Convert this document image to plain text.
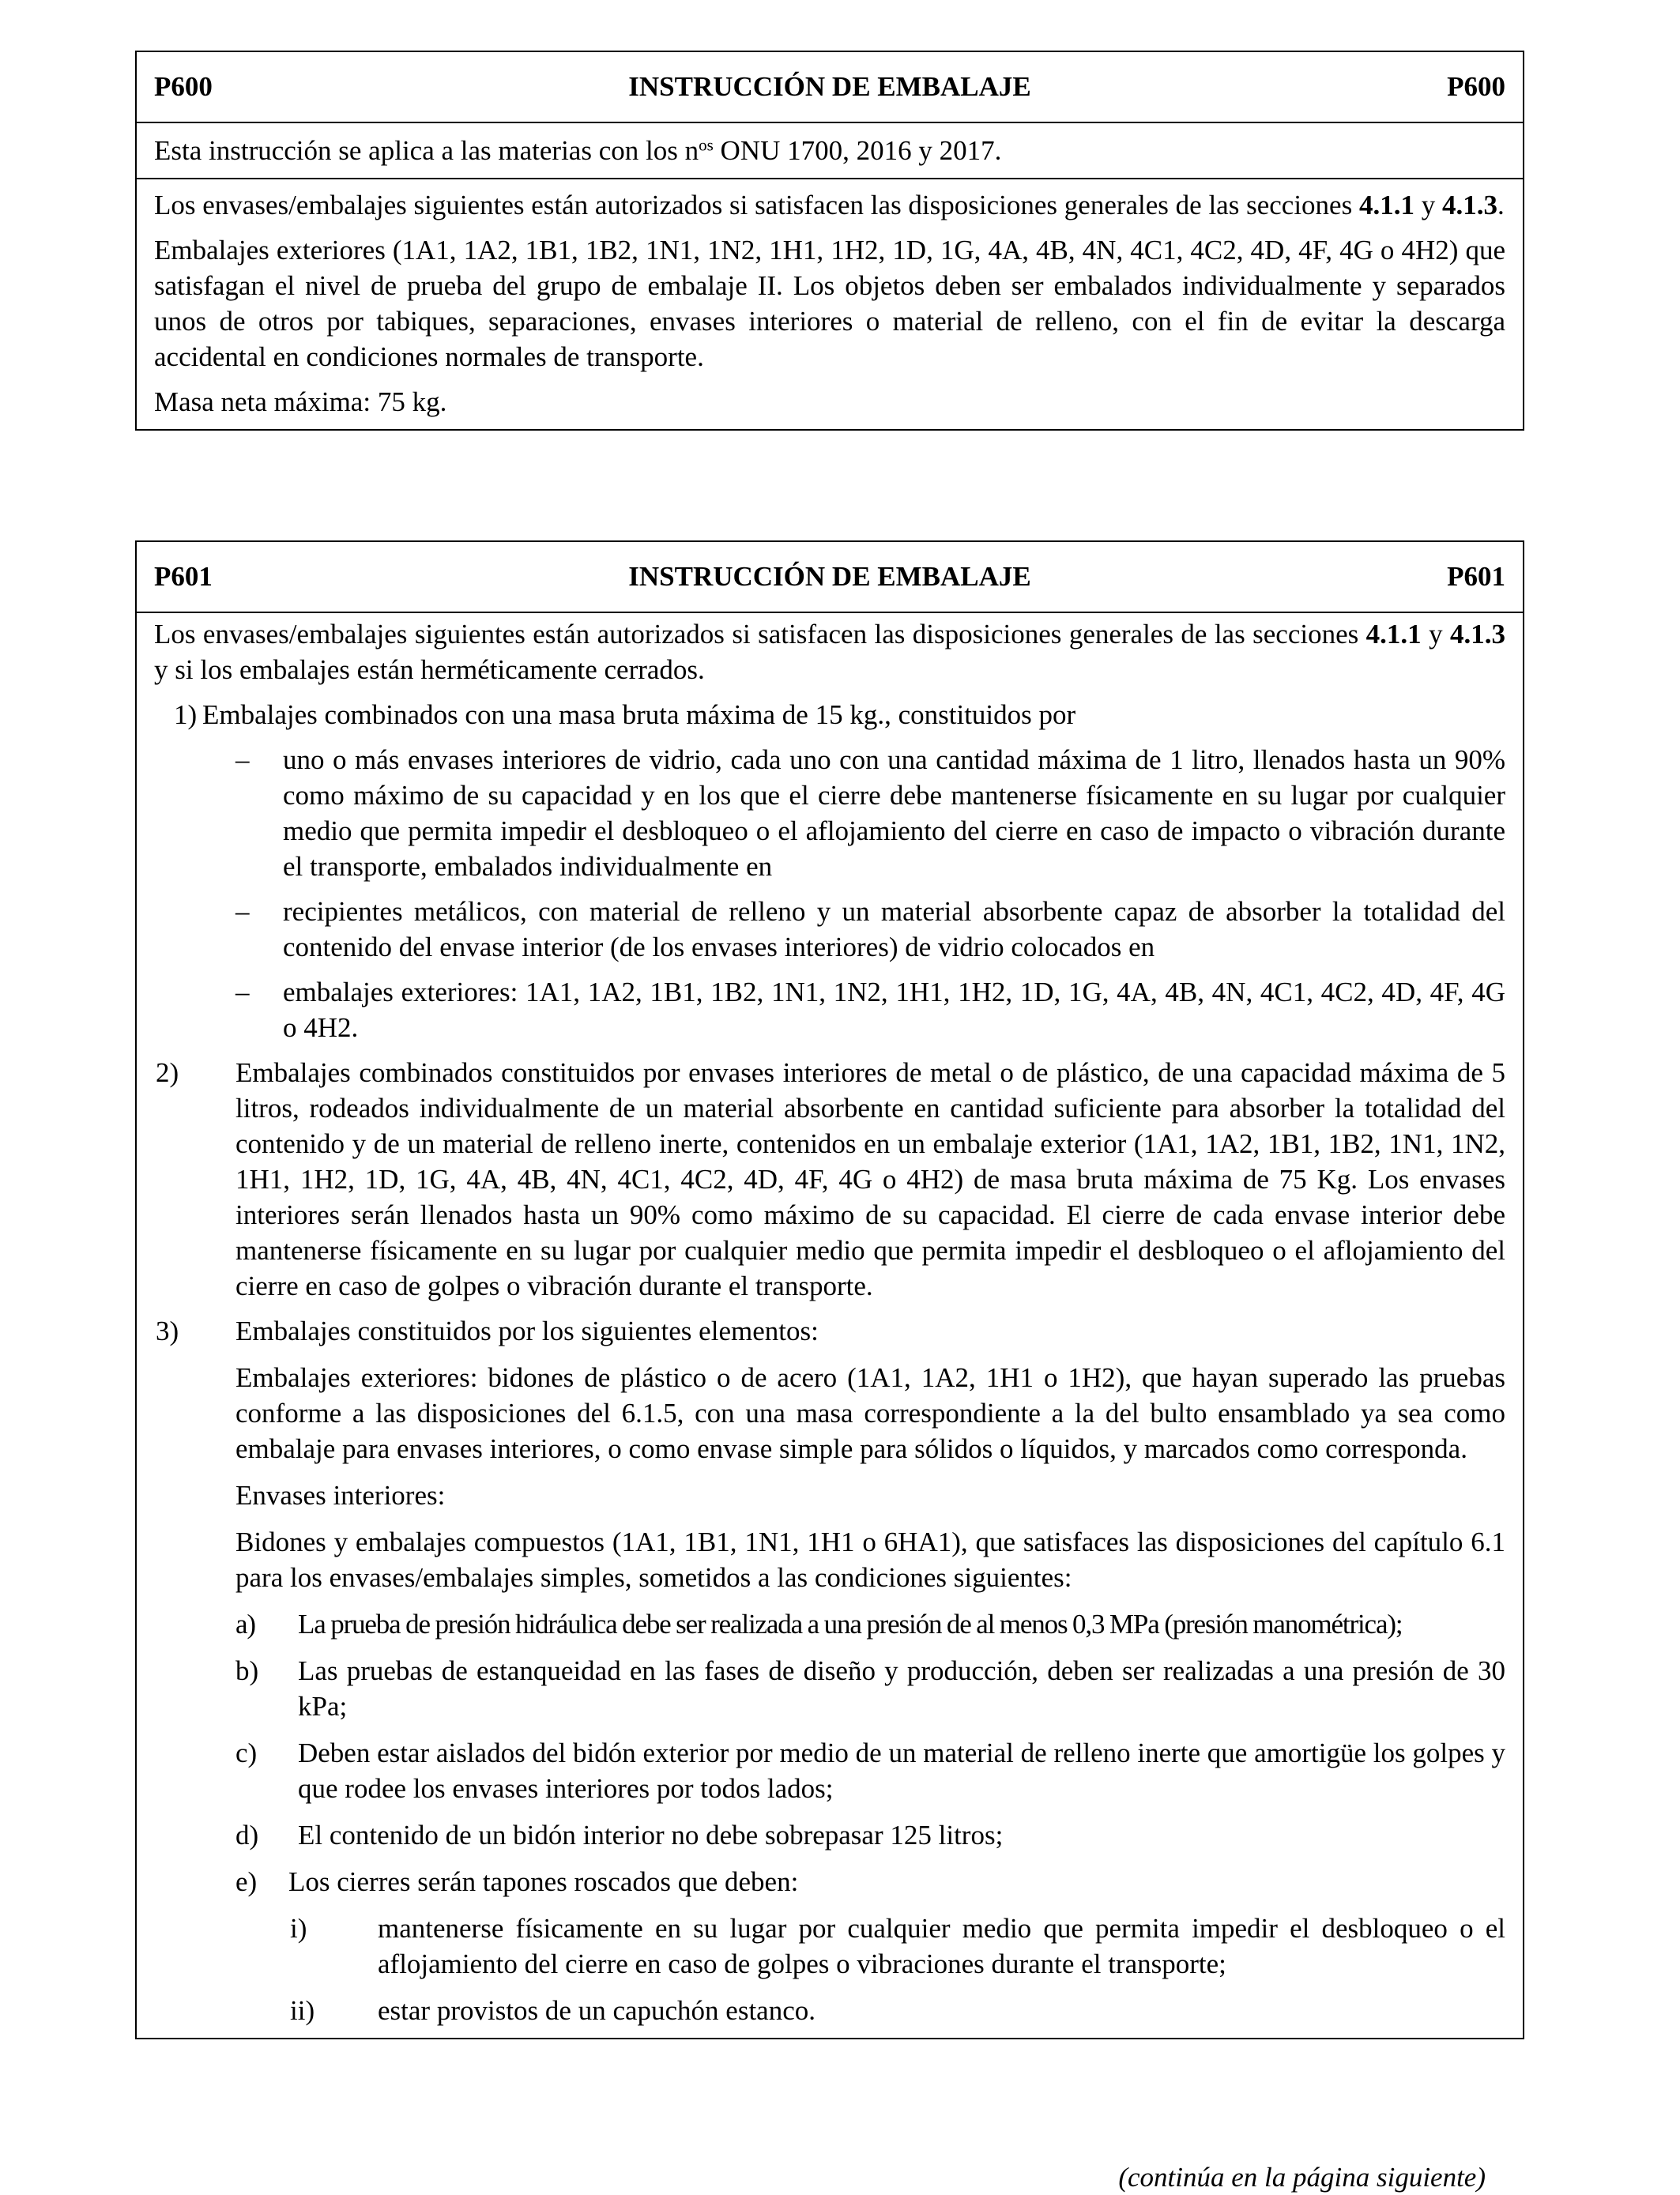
P600	INSTRUCCIÓN DE EMBALAJE	P600

Esta instrucción se aplica a las materias con los $n^{os}$ ONU 1700, 2016 y 2017.

Los envases/embalajes siguientes están autorizados si satisfacen las disposiciones generales de las secciones 4.1.1 y 4.1.3.

Embalajes exteriores (1A1, 1A2, 1B1, 1B2, 1N1, 1N2, 1H1, 1H2, 1D, 1G, 4A, 4B, 4N, 4C1, 4C2, 4D, 4F, 4G o 4H2) que satisfagan el nivel de prueba del grupo de embalaje II. Los objetos deben ser embalados individualmente y separados unos de otros por tabiques, separaciones, envases interiores o material de relleno, con el fin de evitar la descarga accidental en condiciones normales de transporte.

Masa neta máxima: 75 kg.

P601	INSTRUCCIÓN DE EMBALAJE	P601

Los envases/embalajes siguientes están autorizados si satisfacen las disposiciones generales de las secciones 4.1.1 y 4.1.3 y si los embalajes están herméticamente cerrados.

1) Embalajes combinados con una masa bruta máxima de 15 kg., constituidos por

– uno o más envases interiores de vidrio, cada uno con una cantidad máxima de 1 litro, llenados hasta un 90% como máximo de su capacidad y en los que el cierre debe mantenerse físicamente en su lugar por cualquier medio que permita impedir el desbloqueo o el aflojamiento del cierre en caso de impacto o vibración durante el transporte, embalados individualmente en

– recipientes metálicos, con material de relleno y un material absorbente capaz de absorber la totalidad del contenido del envase interior (de los envases interiores) de vidrio colocados en

– embalajes exteriores: 1A1, 1A2, 1B1, 1B2, 1N1, 1N2, 1H1, 1H2, 1D, 1G, 4A, 4B, 4N, 4C1, 4C2, 4D, 4F, 4G o 4H2.

2) Embalajes combinados constituidos por envases interiores de metal o de plástico, de una capacidad máxima de 5 litros, rodeados individualmente de un material absorbente en cantidad suficiente para absorber la totalidad del contenido y de un material de relleno inerte, contenidos en un embalaje exterior (1A1, 1A2, 1B1, 1B2, 1N1, 1N2, 1H1, 1H2, 1D, 1G, 4A, 4B, 4N, 4C1, 4C2, 4D, 4F, 4G o 4H2) de masa bruta máxima de 75 Kg. Los envases interiores serán llenados hasta un 90% como máximo de su capacidad. El cierre de cada envase interior debe mantenerse físicamente en su lugar por cualquier medio que permita impedir el desbloqueo o el aflojamiento del cierre en caso de golpes o vibración durante el transporte.

3) Embalajes constituidos por los siguientes elementos:

Embalajes exteriores: bidones de plástico o de acero (1A1, 1A2, 1H1 o 1H2), que hayan superado las pruebas conforme a las disposiciones del 6.1.5, con una masa correspondiente a la del bulto ensamblado ya sea como embalaje para envases interiores, o como envase simple para sólidos o líquidos, y marcados como corresponda.

Envases interiores:

Bidones y embalajes compuestos (1A1, 1B1, 1N1, 1H1 o 6HA1), que satisfaces las disposiciones del capítulo 6.1 para los envases/embalajes simples, sometidos a las condiciones siguientes:

a) La prueba de presión hidráulica debe ser realizada a una presión de al menos 0,3 MPa (presión manométrica);

b) Las pruebas de estanqueidad en las fases de diseño y producción, deben ser realizadas a una presión de 30 kPa;

c) Deben estar aislados del bidón exterior por medio de un material de relleno inerte que amortigüe los golpes y que rodee los envases interiores por todos lados;

d) El contenido de un bidón interior no debe sobrepasar 125 litros;

e) Los cierres serán tapones roscados que deben:

i)	mantenerse físicamente en su lugar por cualquier medio que permita impedir el desbloqueo o el aflojamiento del cierre en caso de golpes o vibraciones durante el transporte;

ii) estar provistos de un capuchón estanco.

(continúa en la página siguiente)
